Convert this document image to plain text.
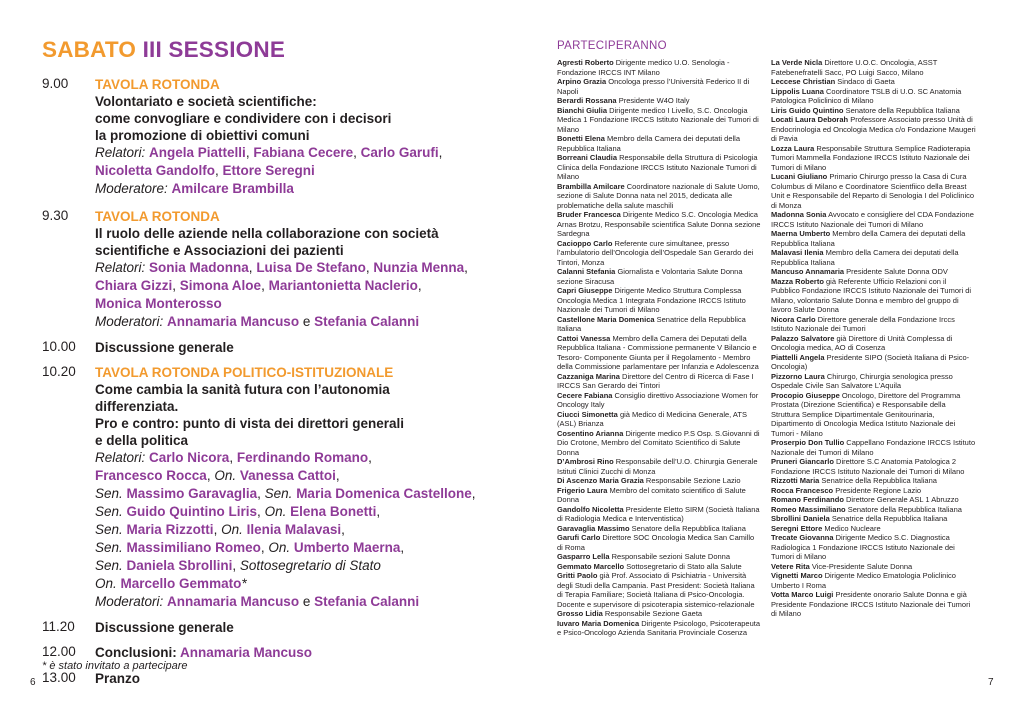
SABATO III SESSIONE
9.00 TAVOLA ROTONDA
Volontariato e società scientifiche:
come convogliare e condividere con i decisori
la promozione di obiettivi comuni
Relatori: Angela Piattelli, Fabiana Cecere, Carlo Garufi,
Nicoletta Gandolfo, Ettore Seregni
Moderatore: Amilcare Brambilla
9.30 TAVOLA ROTONDA
Il ruolo delle aziende nella collaborazione con società
scientifiche e Associazioni dei pazienti
Relatori: Sonia Madonna, Luisa De Stefano, Nunzia Menna,
Chiara Gizzi, Simona Aloe, Mariantonietta Naclerio,
Monica Monterosso
Moderatori: Annamaria Mancuso e Stefania Calanni
10.00 Discussione generale
10.20 TAVOLA ROTONDA POLITICO-ISTITUZIONALE
Come cambia la sanità futura con l’autonomia
differenziata.
Pro e contro: punto di vista dei direttori generali
e della politica
Relatori: Carlo Nicora, Ferdinando Romano,
Francesco Rocca, On. Vanessa Cattoi,
Sen. Massimo Garavaglia, Sen. Maria Domenica Castellone,
Sen. Guido Quintino Liris, On. Elena Bonetti,
Sen. Maria Rizzotti, On. Ilenia Malavasi,
Sen. Massimiliano Romeo, On. Umberto Maerna,
Sen. Daniela Sbrollini, Sottosegretario di Stato
On. Marcello Gemmato*
Moderatori: Annamaria Mancuso e Stefania Calanni
11.20 Discussione generale
12.00 Conclusioni: Annamaria Mancuso
13.00 Pranzo
* è stato invitato a partecipare
6
PARTECIPERANNO
Agresti Roberto Dirigente medico U.O. Senologia - Fondazione IRCCS INT Milano
Arpino Grazia Oncologa presso l’Università Federico II di Napoli
Berardi Rossana Presidente W4O Italy
Bianchi Giulia Dirigente medico I Livello, S.C. Oncologia Medica 1 Fondazione IRCCS Istituto Nazionale dei Tumori di Milano
Bonetti Elena Membro della Camera dei deputati della Repubblica Italiana
Borreani Claudia Responsabile della Struttura di Psicologia Clinica della Fondazione IRCCS Istituto Nazionale Tumori di Milano
Brambilla Amilcare Coordinatore nazionale di Salute Uomo, sezione di Salute Donna nata nel 2015, dedicata alle problematiche della salute maschili
Bruder Francesca Dirigente Medico S.C. Oncologia Medica Arnas Brotzu, Responsabile scientifica Salute Donna sezione Sardegna
Cacioppo Carlo Referente cure simultanee, presso l’ambulatorio dell’Oncologia dell’Ospedale San Gerardo dei Tintori, Monza
Calanni Stefania Giornalista e Volontaria Salute Donna sezione Siracusa
Capri Giuseppe Dirigente Medico Struttura Complessa Oncologia Medica 1 Integrata Fondazione IRCCS Istituto Nazionale dei Tumori di Milano
Castellone Maria Domenica Senatrice della Repubblica Italiana
Cattoi Vanessa Membro della Camera dei Deputati della Repubblica Italiana - Commissione permanente V Bilancio e Tesoro- Componente Giunta per il Regolamento - Membro della Commissione parlamentare per Infanzia e Adolescenza
Cazzaniga Marina Direttore del Centro di Ricerca di Fase I IRCCS San Gerardo dei Tintori
Cecere Fabiana Consiglio direttivo Associazione Women for Oncology Italy
Ciucci Simonetta già Medico di Medicina Generale, ATS (ASL) Brianza
Cosentino Arianna Dirigente medico P.S Osp. S.Giovanni di Dio Crotone, Membro del Comitato Scientifico di Salute Donna
D’Ambrosi Rino Responsabile dell’U.O. Chirurgia Generale Istituti Clinici Zucchi di Monza
Di Ascenzo Maria Grazia Responsabile Sezione Lazio
Frigerio Laura Membro del comitato scientifico di Salute Donna
Gandolfo Nicoletta Presidente Eletto SIRM (Società Italiana di Radiologia Medica e Interventistica)
Garavaglia Massimo Senatore della Repubblica Italiana
Garufi Carlo Direttore SOC Oncologia Medica San Camillo di Roma
Gasparro Lella Responsabile sezioni Salute Donna
Gemmato Marcello Sottosegretario di Stato alla Salute
Gritti Paolo già Prof. Associato di Psichiatria - Università degli Studi della Campania. Past President: Società Italiana di Terapia Familiare; Società Italiana di Psico-Oncologia. Docente e supervisore di psicoterapia sistemico-relazionale
Grosso Lidia Responsabile Sezione Gaeta
Iuvaro Maria Domenica Dirigente Psicologo, Psicoterapeuta e Psico-Oncologo Azienda Sanitaria Provinciale Cosenza
La Verde Nicla Direttore U.O.C. Oncologia, ASST Fatebenefratelli Sacc, PO Luigi Sacco, Milano
Leccese Christian Sindaco di Gaeta
Lippolis Luana Coordinatore TSLB di U.O. SC Anatomia Patologica Policlinico di Milano
Liris Guido Quintino Senatore della Repubblica Italiana
Locati Laura Deborah Professore Associato presso Unità di Endocrinologia ed Oncologia Medica c/o Fondazione Maugeri di Pavia
Lozza Laura Responsabile Struttura Semplice Radioterapia Tumori Mammella Fondazione IRCCS Istituto Nazionale dei Tumori di Milano
Lucani Giuliano Primario Chirurgo presso la Casa di Cura Columbus di Milano e Coordinatore Scientfiico della Breast Unit e Responsabile del Reparto di Senologia I del Policlinico di Monza
Madonna Sonia Avvocato e consigliere del CDA Fondazione IRCCS Istituto Nazionale dei Tumori di Milano
Maerna Umberto Membro della Camera dei deputati della Repubblica Italiana
Malavasi Ilenia Membro della Camera dei deputati della Repubblica Italiana
Mancuso Annamaria Presidente Salute Donna ODV
Mazza Roberto già Referente Ufficio Relazioni con il Pubblico Fondazione IRCCS Istituto Nazionale dei Tumori di Milano, volontario Salute Donna e membro del gruppo di lavoro Salute Donna
Nicora Carlo Direttore generale della Fondazione Irccs Istituto Nazionale dei Tumori
Palazzo Salvatore già Direttore di Unità Complessa di Oncologia medica, AO di Cosenza
Piattelli Angela Presidente SIPO (Società Italiana di Psico-Oncologia)
Pizzorno Laura Chirurgo, Chirurgia senologica presso Ospedale Civile San Salvatore L’Aquila
Procopio Giuseppe Oncologo, Direttore del Programma Prostata (Direzione Scientifica) e Responsabile della Struttura Semplice Dipartimentale Genitourinaria, Dipartimento di Oncologia Medica Istituto Nazionale dei Tumori - Milano
Proserpio Don Tullio Cappellano Fondazione IRCCS Istituto Nazionale dei Tumori di Milano
Pruneri Giancarlo Direttore S.C Anatomia Patologica 2 Fondazione IRCCS Istituto Nazionale dei Tumori di Milano
Rizzotti Maria Senatrice della Repubblica Italiana
Rocca Francesco Presidente Regione Lazio
Romano Ferdinando Direttore Generale ASL 1 Abruzzo
Romeo Massimiliano Senatore della Repubblica Italiana
Sbrollini Daniela Senatrice della Repubblica Italiana
Seregni Ettore Medico Nucleare
Trecate Giovanna Dirigente Medico S.C. Diagnostica Radiologica 1 Fondazione IRCCS Istituto Nazionale dei Tumori di Milano
Vetere Rita Vice-Presidente Salute Donna
Vignetti Marco Dirigente Medico Ematologia Policlinico Umberto I Roma
Votta Marco Luigi Presidente onorario Salute Donna e già Presidente Fondazione IRCCS Istituto Nazionale dei Tumori di Milano
7
